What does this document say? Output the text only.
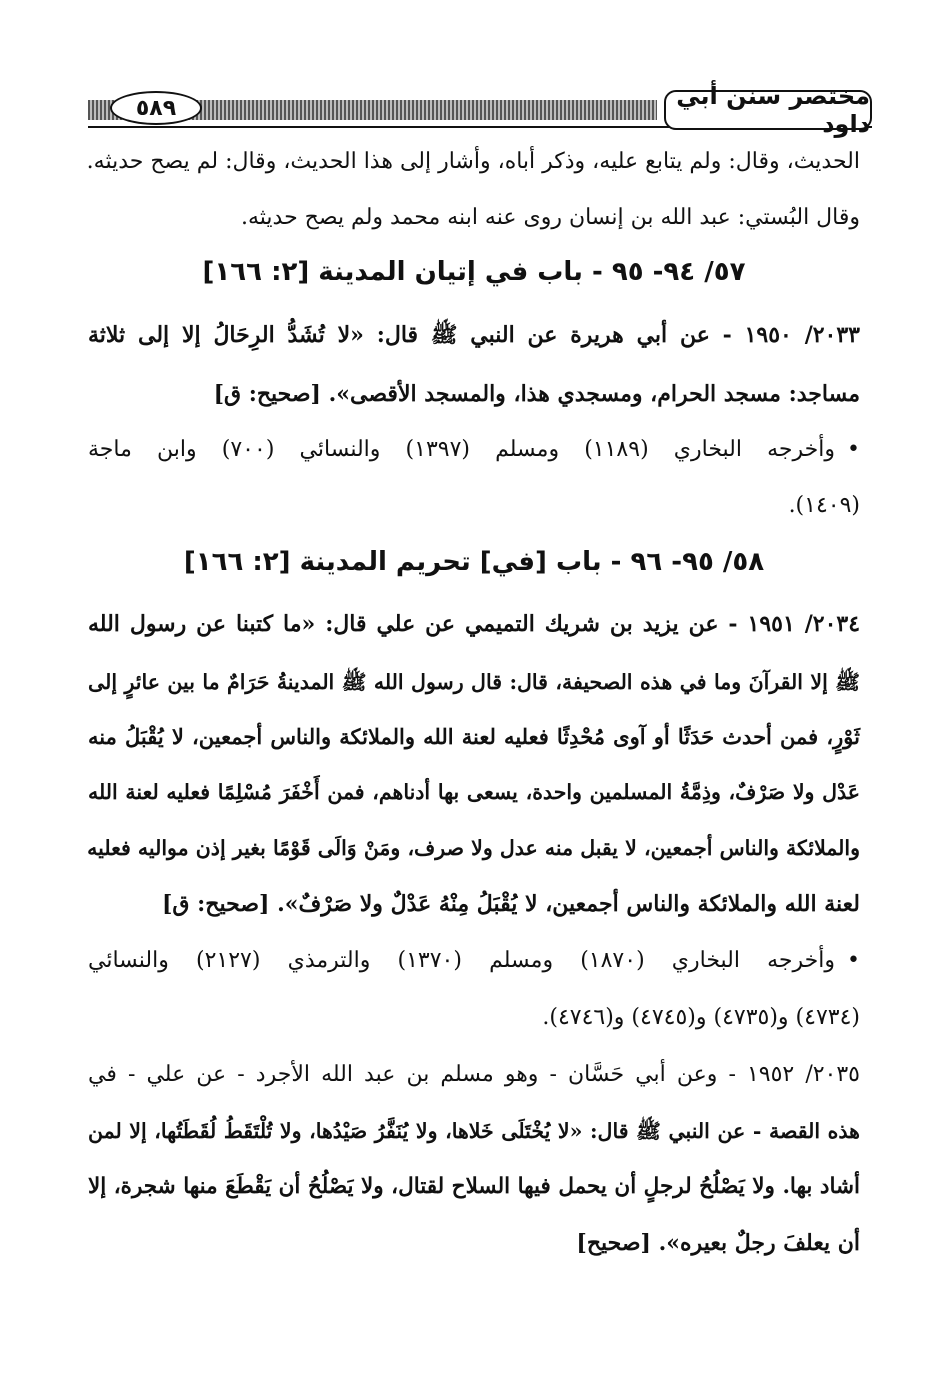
مختصر سنن أبي داود
٥٨٩
الحديث، وقال: ولم يتابع عليه، وذكر أباه، وأشار إلى هذا الحديث، وقال: لم يصح حديثه.
وقال البُستي: عبد الله بن إنسان روى عنه ابنه محمد ولم يصح حديثه.
٥٧/ ٩٤- ٩٥ - باب في إتيان المدينة [٢: ١٦٦]
٢٠٣٣/ ١٩٥٠ - عن أبي هريرة عن النبي ﷺ قال: «لا تُشَدُّ الرِحَالُ إلا إلى ثلاثة
مساجد: مسجد الحرام، ومسجدي هذا، والمسجد الأقصى». [صحيح: ق]
• وأخرجه البخاري (١١٨٩) ومسلم (١٣٩٧) والنسائي (٧٠٠) وابن ماجة
(١٤٠٩).
٥٨/ ٩٥- ٩٦ - باب [في] تحريم المدينة [٢: ١٦٦]
٢٠٣٤/ ١٩٥١ - عن يزيد بن شريك التميمي عن علي قال: «ما كتبنا عن رسول الله
ﷺ إلا القرآنَ وما في هذه الصحيفة، قال: قال رسول الله ﷺ المدينةُ حَرَامٌ ما بين عائرٍ إلى
ثَوْرٍ، فمن أحدث حَدَثًا أو آوى مُحْدِثًا فعليه لعنة الله والملائكة والناس أجمعين، لا يُقْبَلُ منه
عَدْل ولا صَرْفٌ، وذِمَّةُ المسلمين واحدة، يسعى بها أدناهم، فمن أَخْفَرَ مُسْلِمًا فعليه لعنة الله
والملائكة والناس أجمعين، لا يقبل منه عدل ولا صرف، ومَنْ وَالَى قَوْمًا بغير إذن مواليه فعليه
لعنة الله والملائكة والناس أجمعين، لا يُقْبَلُ مِنْهُ عَدْلٌ ولا صَرْفٌ». [صحيح: ق]
• وأخرجه البخاري (١٨٧٠) ومسلم (١٣٧٠) والترمذي (٢١٢٧) والنسائي
(٤٧٣٤) و(٤٧٣٥) و(٤٧٤٥) و(٤٧٤٦).
٢٠٣٥/ ١٩٥٢ - وعن أبي حَسَّان - وهو مسلم بن عبد الله الأجرد - عن علي - في
هذه القصة - عن النبي ﷺ قال: «لا يُخْتَلَى خَلاها، ولا يُنَفَّرُ صَيْدُها، ولا تُلْتَقَطُ لُقَطَتُها، إلا لمن
أشاد بها. ولا يَصْلُحُ لرجلٍ أن يحمل فيها السلاح لقتال، ولا يَصْلُحُ أن يَقْطَعَ منها شجرة، إلا
أن يعلفَ رجلٌ بعيره». [صحيح]
